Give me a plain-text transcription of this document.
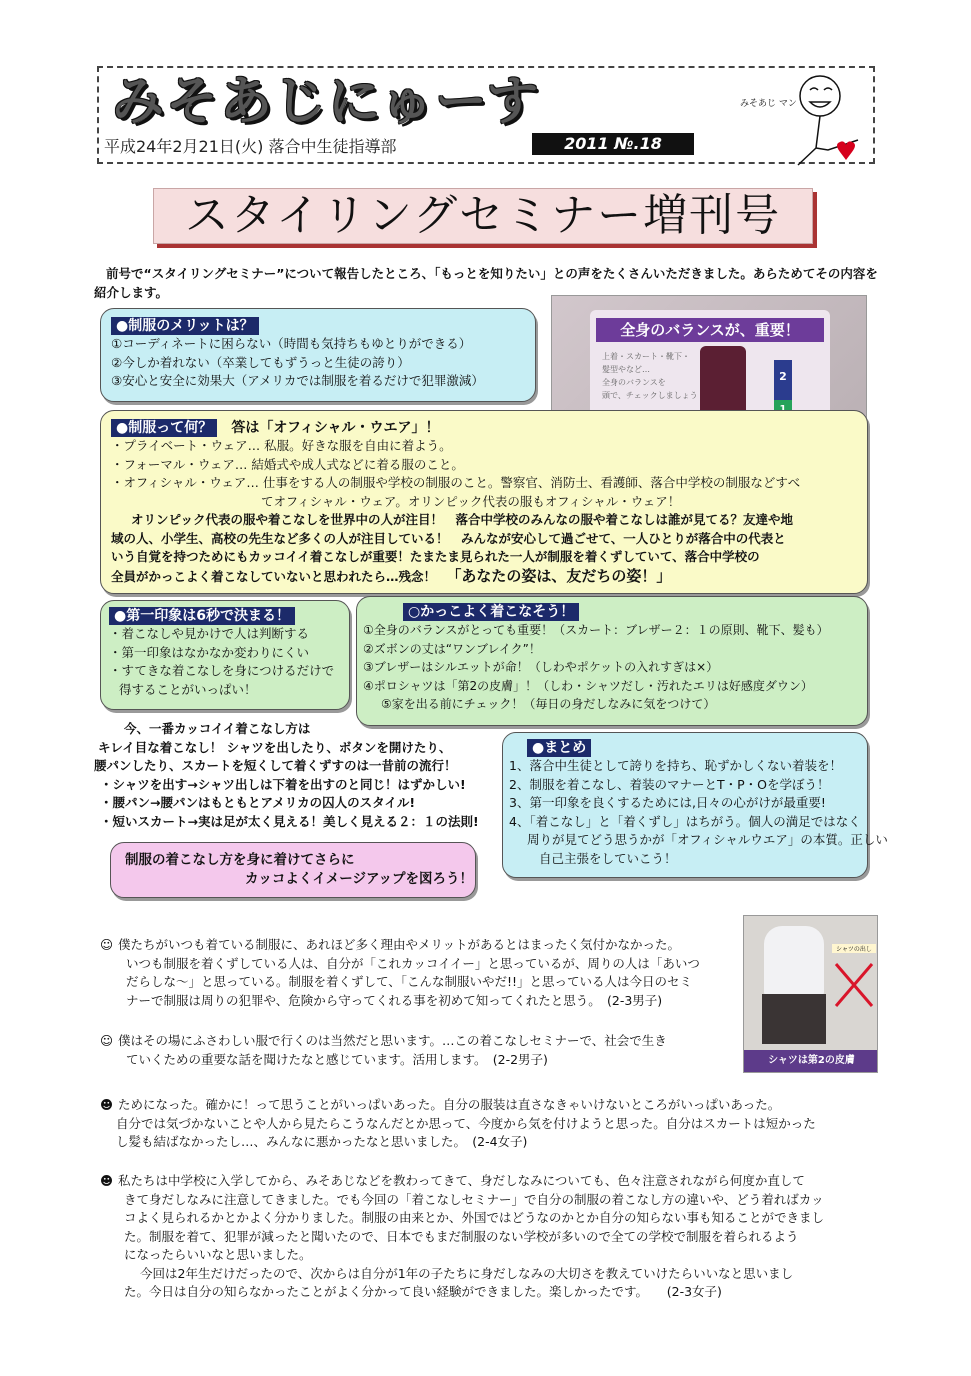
みそあじにゅーす
平成24年2月21日(火) 落合中生徒指導部	2011 №.18
みそあじ マン
スタイリングセミナー増刊号
前号で“スタイリングセミナー”について報告したところ、「もっとを知りたい」との声をたくさんいただきました。あらためてその内容を紹介します。
全身のバランスが、重要！
上着・スカート・靴下・
髪型やなど…
全身のバランスを
頭で、チェックしましょう
2
●制服のメリットは？
①コーディネートに困らない（時間も気持ちもゆとりができる）
②今しか着れない（卒業してもずうっと生徒の誇り）
③安心と安全に効果大（アメリカでは制服を着るだけで犯罪激減）
●制服って何？ 答は「オフィシャル・ウエア」！
・プライベート・ウェア… 私服。好きな服を自由に着よう。
・フォーマル・ウェア… 結婚式や成人式などに着る服のこと。
・オフィシャル・ウェア… 仕事をする人の制服や学校の制服のこと。警察官、消防士、看護師、落合中学校の制服などすべ
てオフィシャル・ウェア。オリンピック代表の服もオフィシャル・ウェア！
オリンピック代表の服や着こなしを世界中の人が注目！　落合中学校のみんなの服や着こなしは誰が見てる？友達や地
域の人、小学生、高校の先生など多くの人が注目している！　みんなが安心して過ごせて、一人ひとりが落合中の代表と
いう自覚を持つためにもカッコイイ着こなしが重要！たまたま見られた一人が制服を着くずしていて、落合中学校の
全員がかっこよく着こなしていないと思われたら…残念！ 「あなたの姿は、友だちの姿！」
●第一印象は6秒で決まる！
・着こなしや見かけで人は判断する
・第一印象はなかなか変わりにくい
・すてきな着こなしを身につけるだけで
得することがいっぱい！
○かっこよく着こなそう！
①全身のバランスがとっても重要！（スカート：ブレザー２：１の原則、靴下、髪も）
②ズボンの丈は“ワンブレイク”！
③ブレザーはシルエットが命！（しわやポケットの入れすぎは×）
④ポロシャツは「第2の皮膚」！（しわ・シャツだし・汚れたエリは好感度ダウン）
⑤家を出る前にチェック！（毎日の身だしなみに気をつけて）
今、一番カッコイイ着こなし方は
キレイ目な着こなし！ シャツを出したり、ボタンを開けたり、
腰パンしたり、スカートを短くして着くずすのは一昔前の流行！
・シャツを出す→シャツ出しは下着を出すのと同じ！はずかしい!
・腰パン→腰パンはもともとアメリカの囚人のスタイル!
・短いスカート→実は足が太く見える！美しく見える２：１の法則!
制服の着こなし方を身に着けてさらに
カッコよくイメージアップを図ろう！
●まとめ
1、落合中生徒として誇りを持ち、恥ずかしくない着装を！
2、制服を着こなし、着装のマナーとT・P・Oを学ぼう！
3、第一印象を良くするためには,日々の心がけが最重要!
4、「着こなし」と「着くずし」はちがう。個人の満足ではなく
周りが見てどう思うかが「オフィシャルウエア」の本質。正しい
自己主張をしていこう！
シャツの出し
シャツは第2の皮膚
☺ 僕たちがいつも着ている制服に、あれほど多く理由やメリットがあるとはまったく気付かなかった。
いつも制服を着くずしている人は、自分が「これカッコイイー」と思っているが、周りの人は「あいつ
だらしな～」と思っている。制服を着くずして、「こんな制服いやだ!!」と思っている人は今日のセミ
ナーで制服は周りの犯罪や、危険から守ってくれる事を初めて知ってくれたと思う。　(2-3男子)
☺ 僕はその場にふさわしい服で行くのは当然だと思います。…この着こなしセミナーで、社会で生き
ていくための重要な話を聞けたなと感じています。活用します。　(2-2男子)
☻ ためになった。確かに！って思うことがいっぱいあった。自分の服装は直さなきゃいけないところがいっぱいあった。
自分では気づかないことや人から見たらこうなんだとか思って、今度から気を付けようと思った。自分はスカートは短かった
し髪も結ばなかったし…、みんなに悪かったなと思いました。　(2-4女子)
☻ 私たちは中学校に入学してから、みそあじなどを教わってきて、身だしなみについても、色々注意されながら何度か直して
きて身だしなみに注意してきました。でも今回の「着こなしセミナー」で自分の制服の着こなし方の違いや、どう着ればカッ
コよく見られるかとかよく分かりました。制服の由来とか、外国ではどうなのかとか自分の知らない事も知ることができまし
た。制服を着て、犯罪が減ったと聞いたので、日本でもまだ制服のない学校が多いので全ての学校で制服を着られるよう
になったらいいなと思いました。
今回は2年生だけだったので、次からは自分が1年の子たちに身だしなみの大切さを教えていけたらいいなと思いまし
た。今日は自分の知らなかったことがよく分かって良い経験ができました。楽しかったです。　　(2-3女子)
